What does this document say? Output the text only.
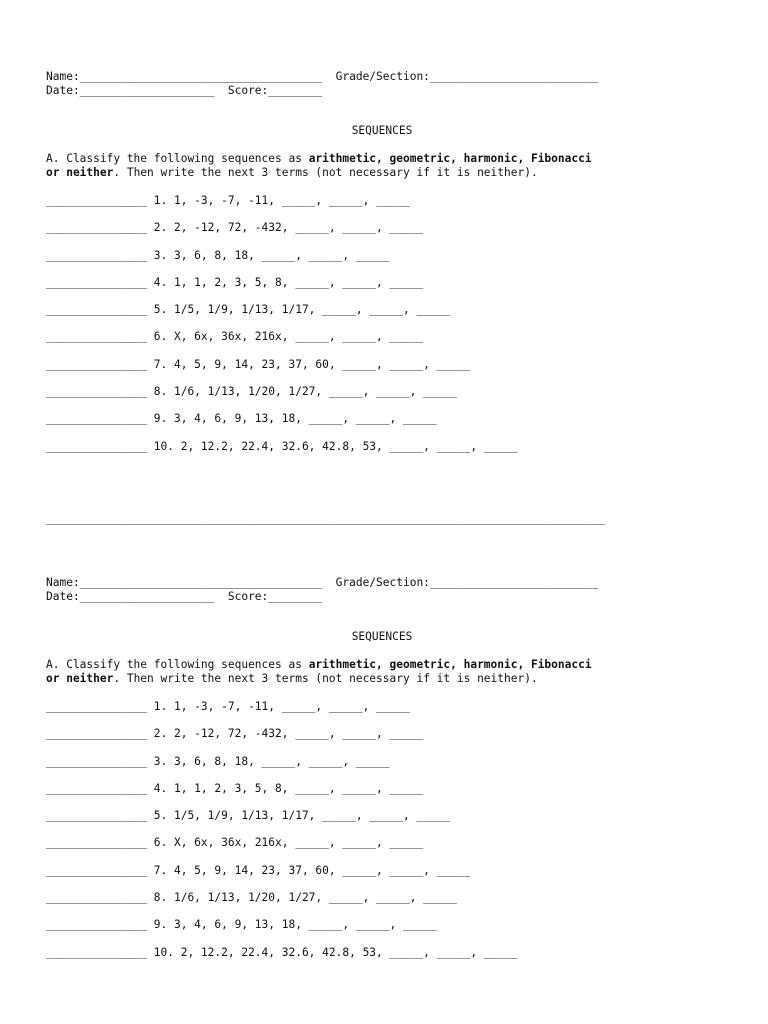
Name:____________________________________  Grade/Section:_________________________
Date:____________________  Score:________
SEQUENCES
A. Classify the following sequences as arithmetic, geometric, harmonic, Fibonacci
or neither. Then write the next 3 terms (not necessary if it is neither).
_______________ 1. 1, -3, -7, -11, _____, _____, _____
_______________ 2. 2, -12, 72, -432, _____, _____, _____
_______________ 3. 3, 6, 8, 18, _____, _____, _____
_______________ 4. 1, 1, 2, 3, 5, 8, _____, _____, _____
_______________ 5. 1/5, 1/9, 1/13, 1/17, _____, _____, _____
_______________ 6. X, 6x, 36x, 216x, _____, _____, _____
_______________ 7. 4, 5, 9, 14, 23, 37, 60, _____, _____, _____
_______________ 8. 1/6, 1/13, 1/20, 1/27, _____, _____, _____
_______________ 9. 3, 4, 6, 9, 13, 18, _____, _____, _____
_______________ 10. 2, 12.2, 22.4, 32.6, 42.8, 53, _____, _____, _____
___________________________________________________________________________________
Name:____________________________________  Grade/Section:_________________________
Date:____________________  Score:________
SEQUENCES
A. Classify the following sequences as arithmetic, geometric, harmonic, Fibonacci
or neither. Then write the next 3 terms (not necessary if it is neither).
_______________ 1. 1, -3, -7, -11, _____, _____, _____
_______________ 2. 2, -12, 72, -432, _____, _____, _____
_______________ 3. 3, 6, 8, 18, _____, _____, _____
_______________ 4. 1, 1, 2, 3, 5, 8, _____, _____, _____
_______________ 5. 1/5, 1/9, 1/13, 1/17, _____, _____, _____
_______________ 6. X, 6x, 36x, 216x, _____, _____, _____
_______________ 7. 4, 5, 9, 14, 23, 37, 60, _____, _____, _____
_______________ 8. 1/6, 1/13, 1/20, 1/27, _____, _____, _____
_______________ 9. 3, 4, 6, 9, 13, 18, _____, _____, _____
_______________ 10. 2, 12.2, 22.4, 32.6, 42.8, 53, _____, _____, _____
